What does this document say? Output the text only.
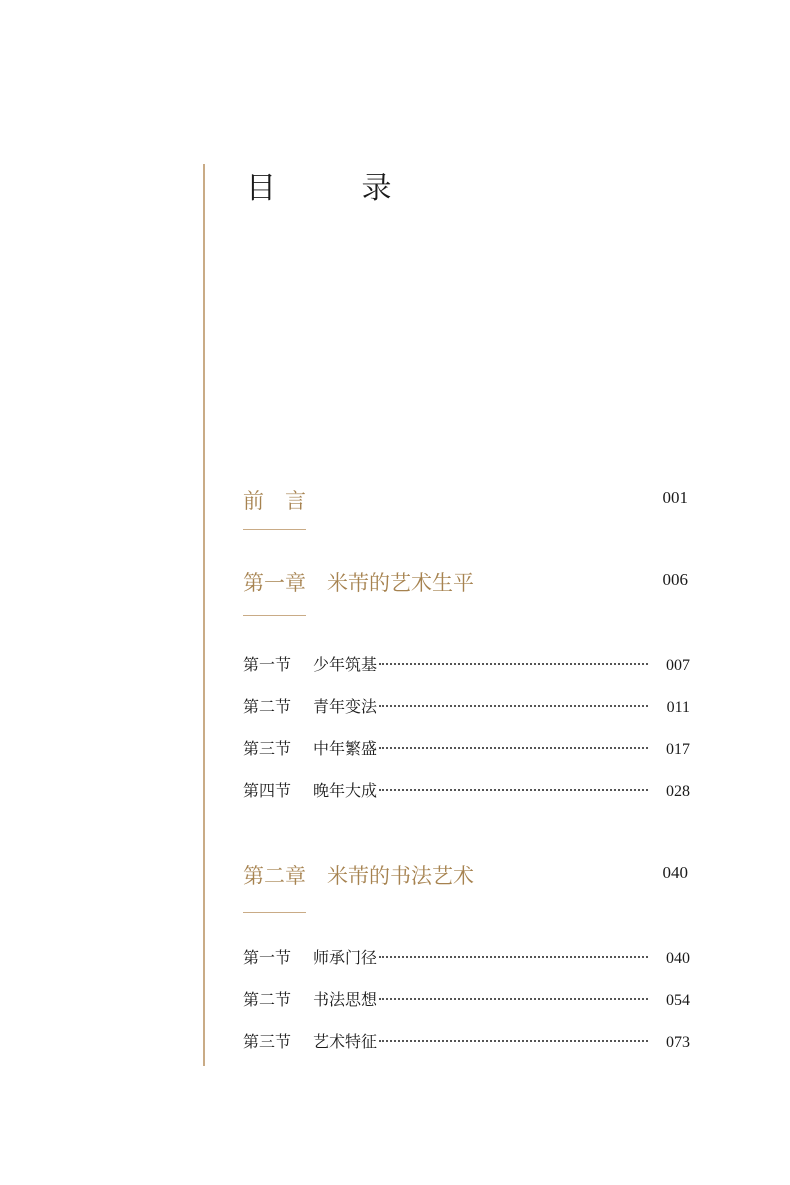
目 录
前　言	001
第一章　米芾的艺术生平	006
第一节	少年筑基	007
第二节	青年变法	011
第三节	中年繁盛	017
第四节	晚年大成	028
第二章　米芾的书法艺术	040
第一节	师承门径	040
第二节	书法思想	054
第三节	艺术特征	073
